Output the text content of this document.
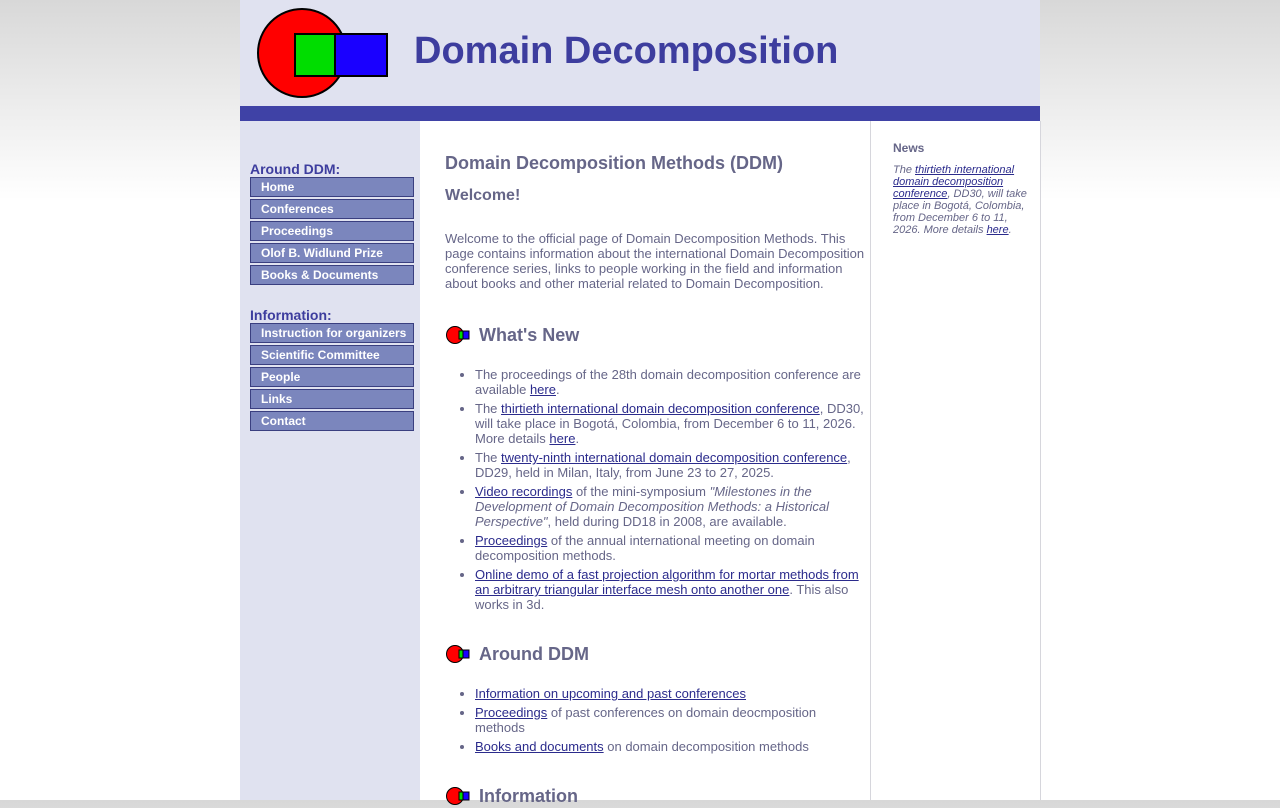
Domain Decomposition
Around DDM:
Home
Conferences
Proceedings
Olof B. Widlund Prize
Books & Documents
Information:
Instruction for organizers
Scientific Committee
People
Links
Contact
Domain Decomposition Methods (DDM)
Welcome!

Welcome to the official page of Domain Decomposition Methods. This page contains information about the international Domain Decomposition conference series, links to people working in the field and information about books and other material related to Domain Decomposition.

What's New
• The proceedings of the 28th domain decomposition conference are available here.
• The thirtieth international domain decomposition conference, DD30, will take place in Bogotá, Colombia, from December 6 to 11, 2026. More details here.
• The twenty-ninth international domain decomposition conference, DD29, held in Milan, Italy, from June 23 to 27, 2025.
• Video recordings of the mini-symposium "Milestones in the Development of Domain Decomposition Methods: a Historical Perspective", held during DD18 in 2008, are available.
• Proceedings of the annual international meeting on domain decomposition methods.
• Online demo of a fast projection algorithm for mortar methods from an arbitrary triangular interface mesh onto another one. This also works in 3d.
Around DDM
• Information on upcoming and past conferences
• Proceedings of past conferences on domain deocmposition methods
• Books and documents on domain decomposition methods
Information
News

The thirtieth international domain decomposition conference, DD30, will take place in Bogotá, Colombia, from December 6 to 11, 2026. More details here.
